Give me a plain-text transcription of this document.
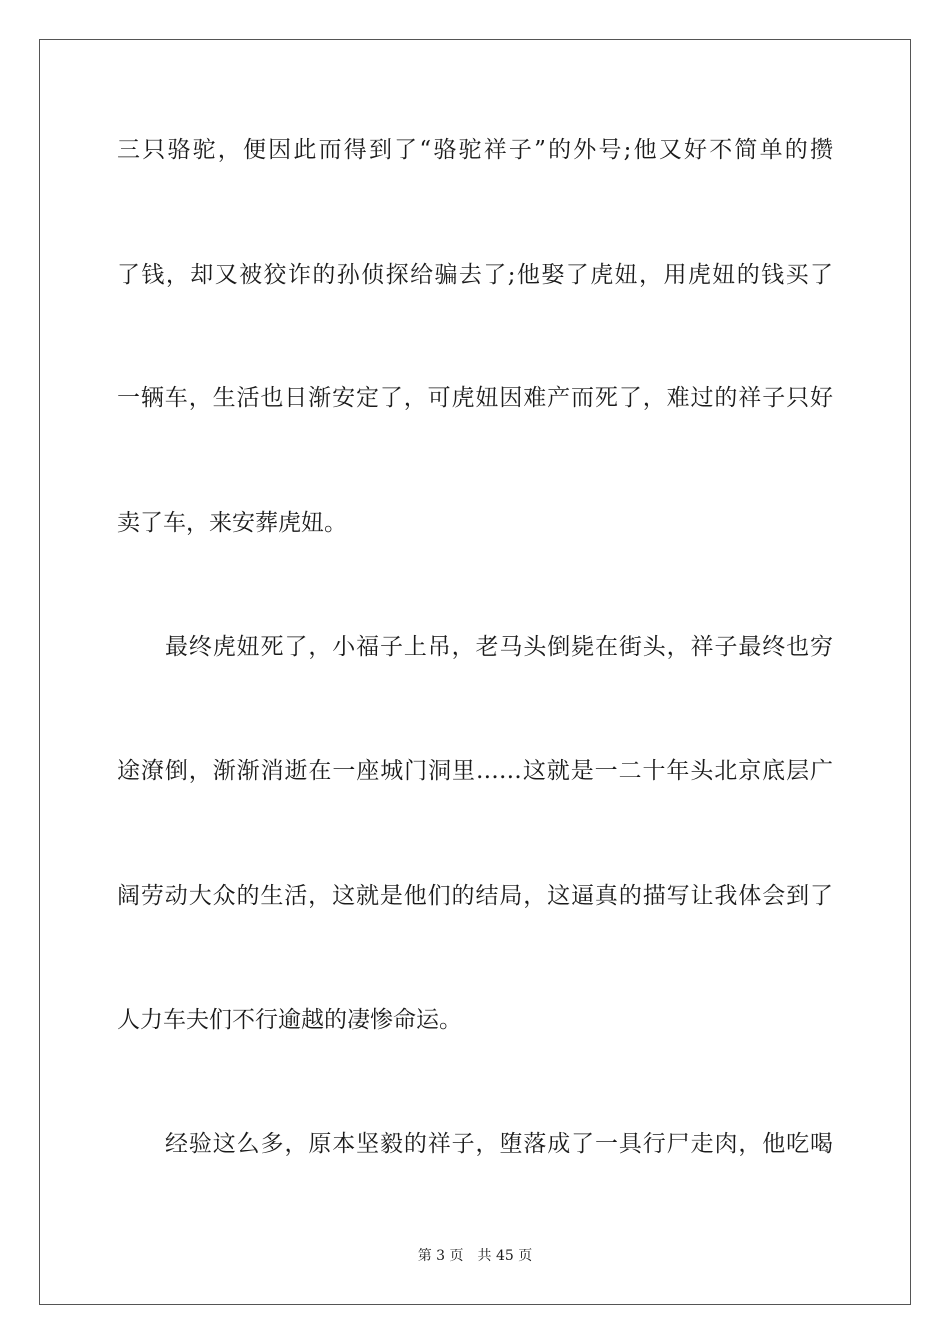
三只骆驼，便因此而得到了“骆驼祥子”的外号;他又好不简单的攒
了钱，却又被狡诈的孙侦探给骗去了;他娶了虎妞，用虎妞的钱买了
一辆车，生活也日渐安定了，可虎妞因难产而死了，难过的祥子只好
卖了车，来安葬虎妞。
最终虎妞死了，小福子上吊，老马头倒毙在街头，祥子最终也穷
途潦倒，渐渐消逝在一座城门洞里……这就是一二十年头北京底层广
阔劳动大众的生活，这就是他们的结局，这逼真的描写让我体会到了
人力车夫们不行逾越的凄惨命运。
经验这么多，原本坚毅的祥子，堕落成了一具行尸走肉，他吃喝
第 3 页　共 45 页
